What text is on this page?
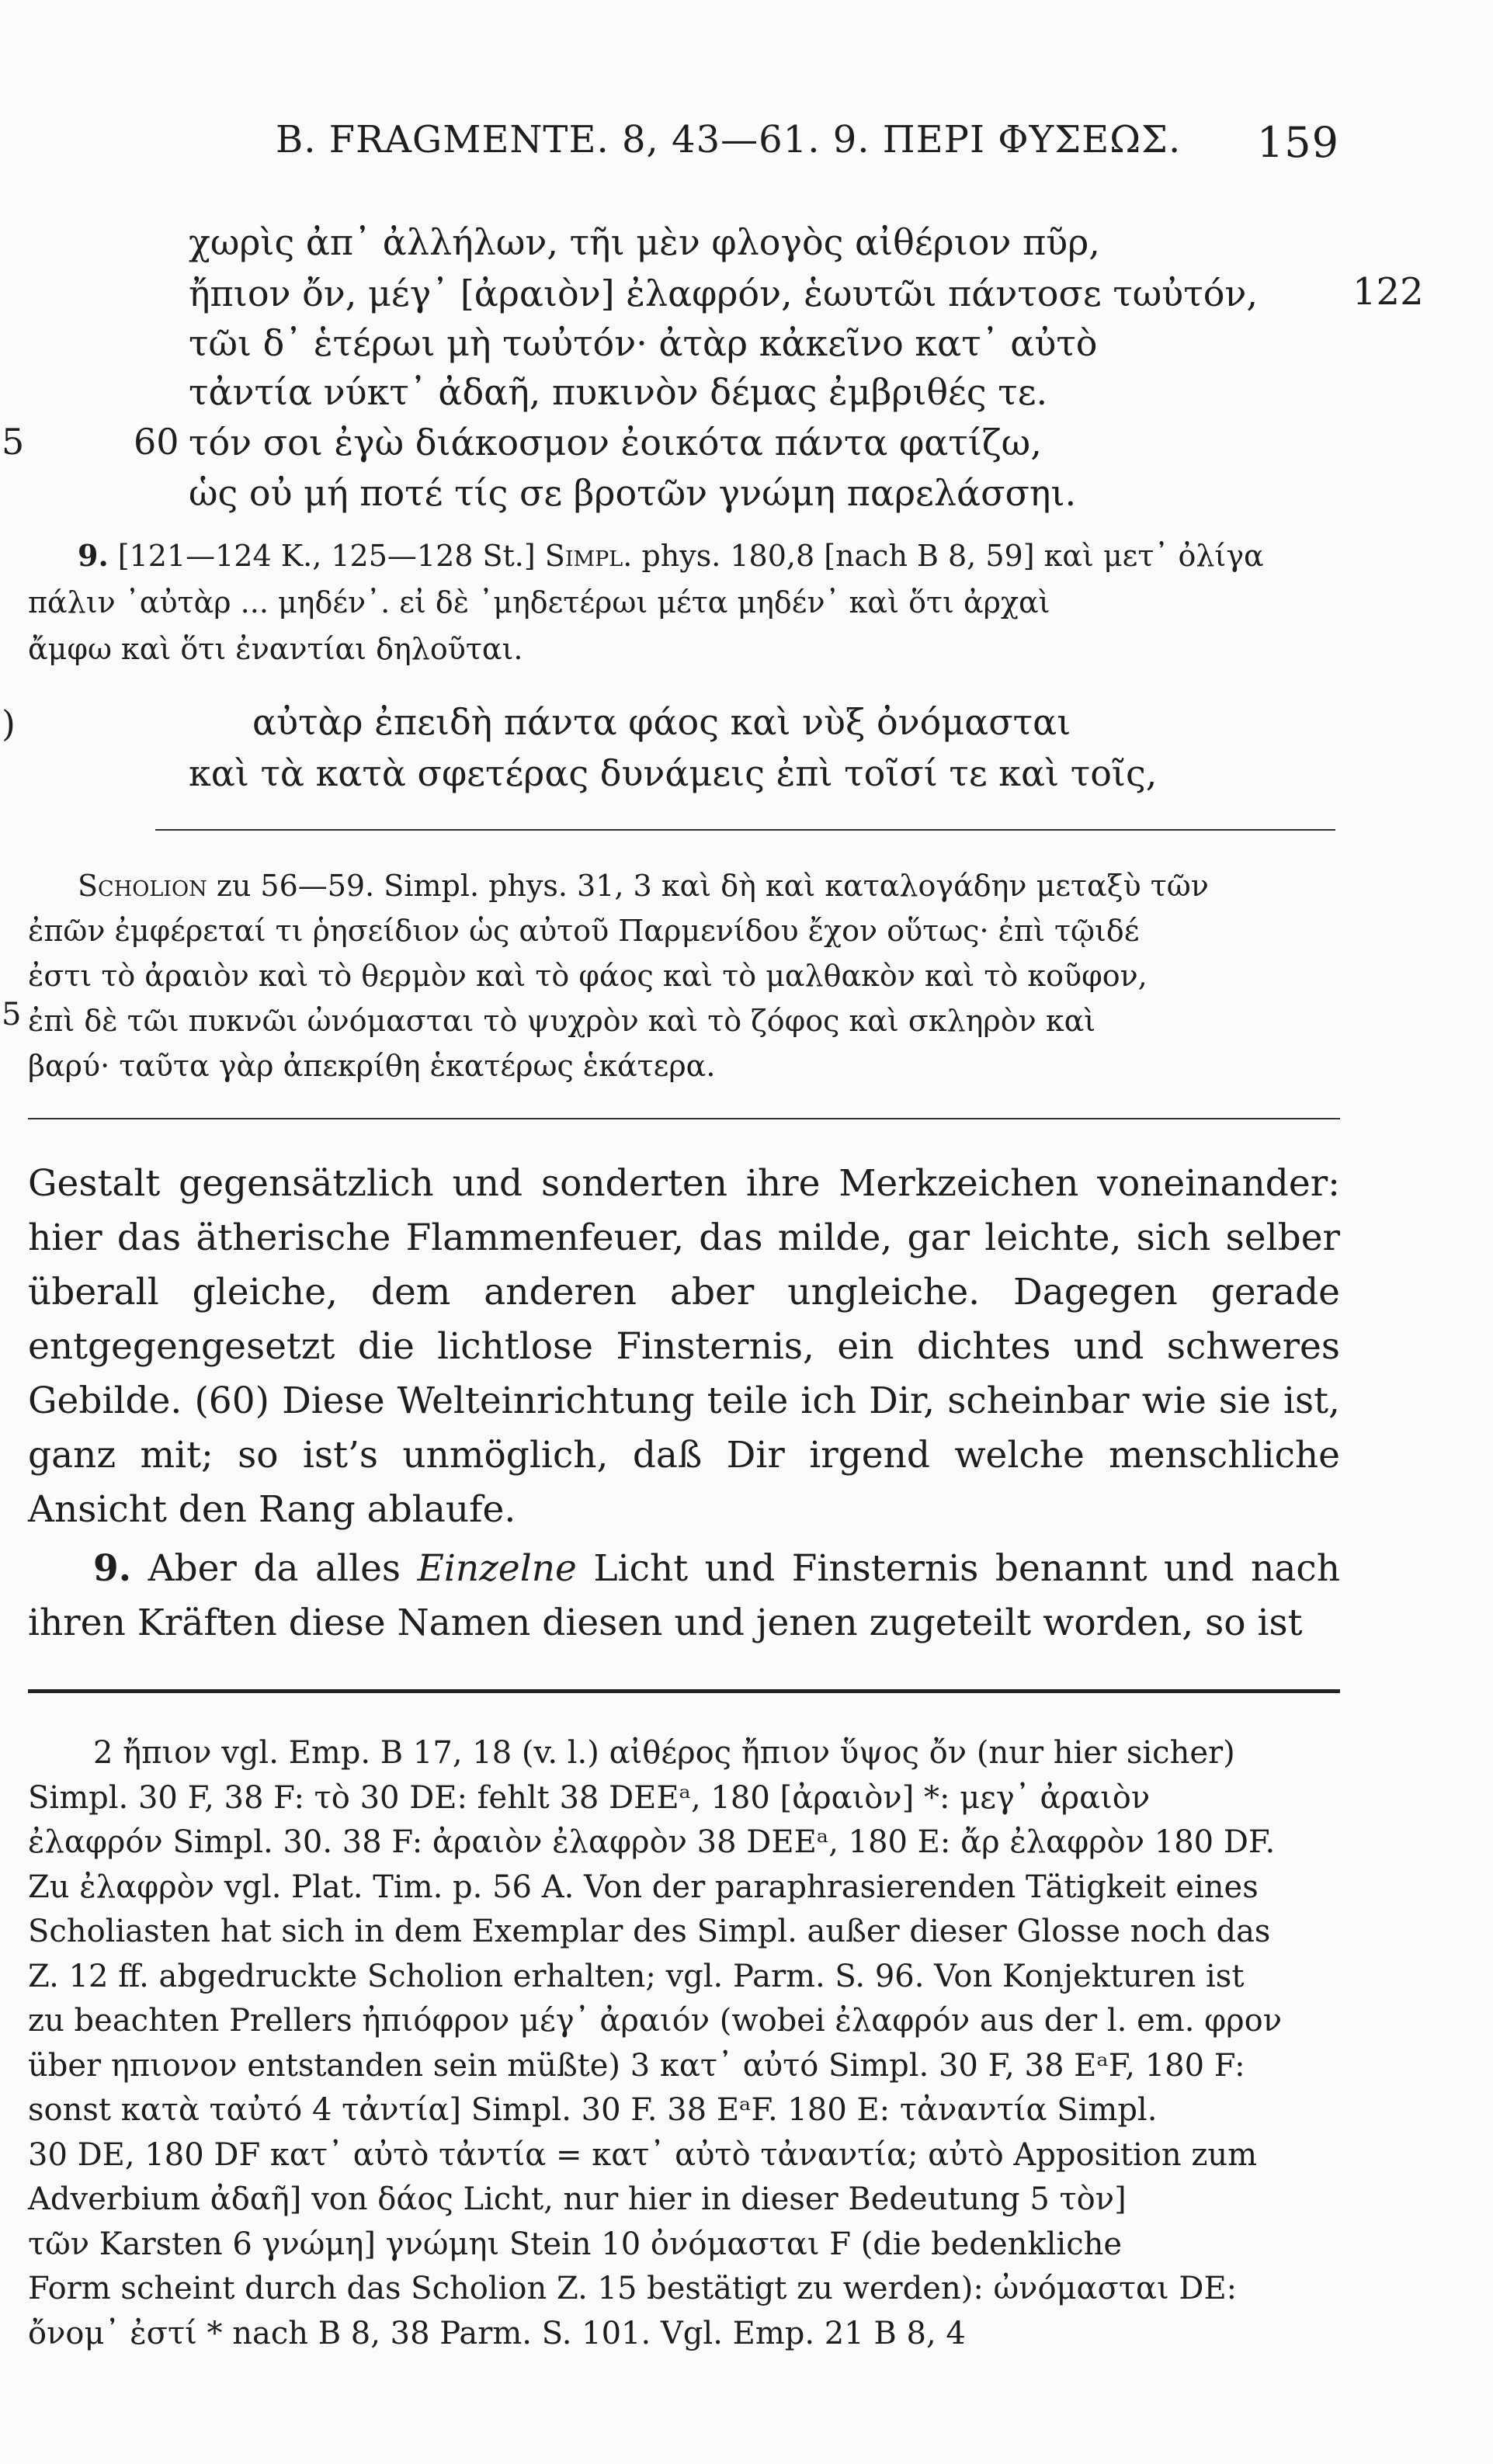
B. FRAGMENTE. 8, 43—61. 9. ΠΕΡΙ ΦΥΣΕΩΣ. 159
χωρὶς ἀπ᾽ ἀλλήλων, τῆι μὲν φλογὸς αἰθέριον πῦρ,
ἤπιον ὄν, μέγ᾽ [ἀραιὸν] ἐλαφρόν, ἑωυτῶι πάντοσε τωὐτόν,
τῶι δ᾽ ἑτέρωι μὴ τωὐτόν· ἀτὰρ κἀκεῖνο κατ᾽ αὐτὸ
τἀντία νύκτ᾽ ἀδαῆ, πυκινὸν δέμας ἐμβριθές τε.
τόν σοι ἐγὼ διάκοσμον ἐοικότα πάντα φατίζω,
ὡς οὐ μή ποτέ τίς σε βροτῶν γνώμη παρελάσσηι.
5	60
122
9. [121—124 K., 125—128 St.] Simpl. phys. 180,8 [nach B 8, 59] καὶ μετ᾽ ὀλίγα
πάλιν ᾽αὐτὰρ ... μηδέν᾽. εἰ δὲ ᾽μηδετέρωι μέτα μηδέν᾽ καὶ ὅτι ἀρχαὶ
ἄμφω καὶ ὅτι ἐναντίαι δηλοῦται.
)	αὐτὰρ ἐπειδὴ πάντα φάος καὶ νὺξ ὀνόμασται
καὶ τὰ κατὰ σφετέρας δυνάμεις ἐπὶ τοῖσί τε καὶ τοῖς,

Scholion zu 56—59. Simpl. phys. 31, 3 καὶ δὴ καὶ καταλογάδην μεταξὺ τῶν

ἐπῶν ἐμφέρεταί τι ῥησείδιον ὡς αὐτοῦ Παρμενίδου ἔχον οὕτως· ἐπὶ τῷιδέ

ἐστι τὸ ἀραιὸν καὶ τὸ θερμὸν καὶ τὸ φάος καὶ τὸ μαλθακὸν καὶ τὸ κοῦφον,

ἐπὶ δὲ τῶι πυκνῶι ὠνόμασται τὸ ψυχρὸν καὶ τὸ ζόφος καὶ σκληρὸν καὶ

βαρύ· ταῦτα γὰρ ἀπεκρίθη ἑκατέρως ἑκάτερα.

5

Gestalt gegensätzlich und sonderten ihre Merkzeichen voneinander: hier das ätherische Flammenfeuer, das milde, gar leichte, sich selber überall gleiche, dem anderen aber ungleiche. Dagegen gerade entgegengesetzt die lichtlose Finsternis, ein dichtes und schweres Gebilde. (60) Diese Welteinrichtung teile ich Dir, scheinbar wie sie ist, ganz mit; so ist’s unmöglich, daß Dir irgend welche menschliche Ansicht den Rang ablaufe.

9. Aber da alles Einzelne Licht und Finsternis benannt und nach ihren Kräften diese Namen diesen und jenen zugeteilt worden, so ist

2 ἤπιον vgl. Emp. B 17, 18 (v. l.) αἰθέρος ἤπιον ὕψος ὄν (nur hier sicher)

Simpl. 30 F, 38 F: τὸ 30 DE: fehlt 38 DEEᵃ, 180 [ἀραιὸν] *: μεγ᾽ ἀραιὸν

ἐλαφρόν Simpl. 30. 38 F: ἀραιὸν ἐλαφρὸν 38 DEEᵃ, 180 E: ἄρ ἐλαφρὸν 180 DF.

Zu ἐλαφρὸν vgl. Plat. Tim. p. 56 A. Von der paraphrasierenden Tätigkeit eines

Scholiasten hat sich in dem Exemplar des Simpl. außer dieser Glosse noch das

Z. 12 ff. abgedruckte Scholion erhalten; vgl. Parm. S. 96. Von Konjekturen ist

zu beachten Prellers ἠπιόφρον μέγ᾽ ἀραιόν (wobei ἐλαφρόν aus der l. em. φρον

über ηπιονον entstanden sein müßte) 3 κατ᾽ αὐτό Simpl. 30 F, 38 EᵃF, 180 F:

sonst κατὰ ταὐτό 4 τἀντία] Simpl. 30 F. 38 EᵃF. 180 E: τἀναντία Simpl.

30 DE, 180 DF κατ᾽ αὐτὸ τἀντία = κατ᾽ αὐτὸ τἀναντία; αὐτὸ Apposition zum

Adverbium ἀδαῆ] von δάος Licht, nur hier in dieser Bedeutung 5 τὸν]

τῶν Karsten 6 γνώμη] γνώμηι Stein 10 ὀνόμασται F (die bedenkliche

Form scheint durch das Scholion Z. 15 bestätigt zu werden): ὠνόμασται DE:

ὄνομ᾽ ἐστί * nach B 8, 38 Parm. S. 101. Vgl. Emp. 21 B 8, 4
